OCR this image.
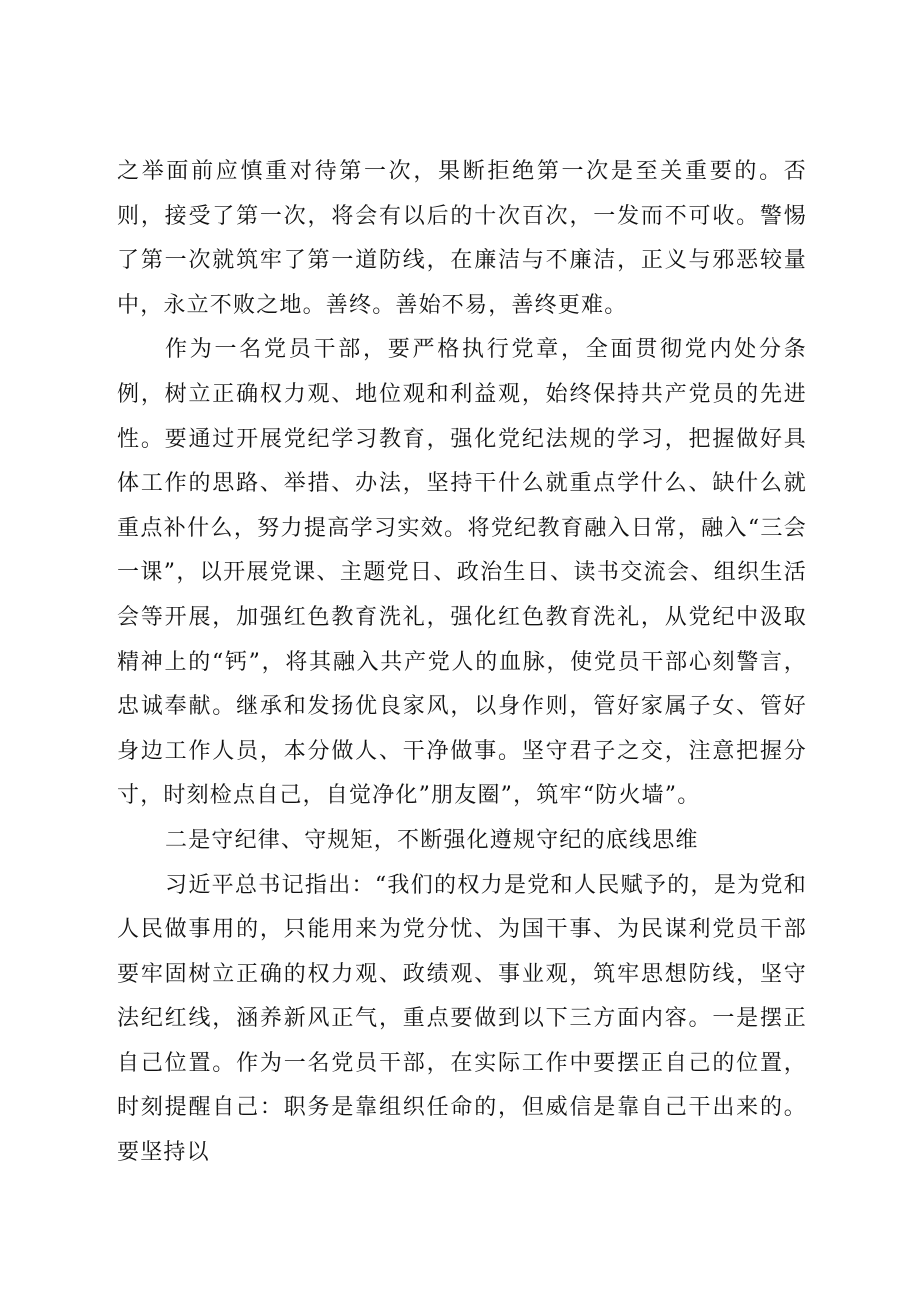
之举面前应慎重对待第一次，果断拒绝第一次是至关重要的。否则，接受了第一次，将会有以后的十次百次，一发而不可收。警惕了第一次就筑牢了第一道防线，在廉洁与不廉洁，正义与邪恶较量中，永立不败之地。善终。善始不易，善终更难。

作为一名党员干部，要严格执行党章，全面贯彻党内处分条例，树立正确权力观、地位观和利益观，始终保持共产党员的先进性。要通过开展党纪学习教育，强化党纪法规的学习，把握做好具体工作的思路、举措、办法，坚持干什么就重点学什么、缺什么就重点补什么，努力提高学习实效。将党纪教育融入日常，融入“三会一课”，以开展党课、主题党日、政治生日、读书交流会、组织生活会等开展，加强红色教育洗礼，强化红色教育洗礼，从党纪中汲取精神上的“钙”，将其融入共产党人的血脉，使党员干部心刻警言，忠诚奉献。继承和发扬优良家风，以身作则，管好家属子女、管好身边工作人员，本分做人、干净做事。坚守君子之交，注意把握分寸，时刻检点自己，自觉净化”朋友圈”，筑牢“防火墙”。

二是守纪律、守规矩，不断强化遵规守纪的底线思维

习近平总书记指出：“我们的权力是党和人民赋予的，是为党和人民做事用的，只能用来为党分忧、为国干事、为民谋利党员干部要牢固树立正确的权力观、政绩观、事业观，筑牢思想防线，坚守法纪红线，涵养新风正气，重点要做到以下三方面内容。一是摆正自己位置。作为一名党员干部，在实际工作中要摆正自己的位置，时刻提醒自己：职务是靠组织任命的，但威信是靠自己干出来的。要坚持以
